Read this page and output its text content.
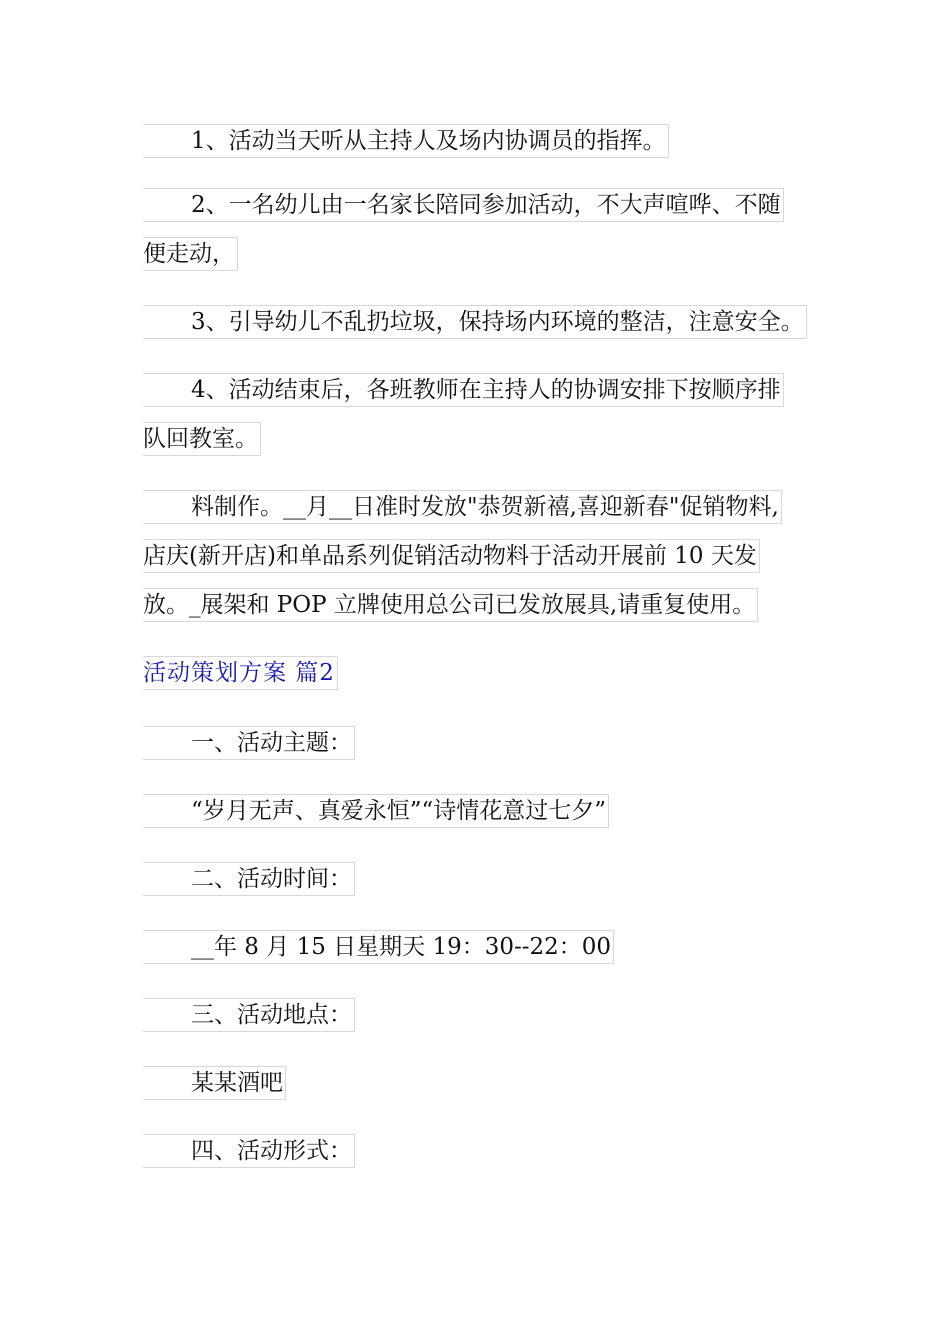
1、活动当天听从主持人及场内协调员的指挥。
2、一名幼儿由一名家长陪同参加活动，不大声喧哗、不随
便走动，
3、引导幼儿不乱扔垃圾，保持场内环境的整洁，注意安全。
4、活动结束后，各班教师在主持人的协调安排下按顺序排
队回教室。
料制作。__月__日准时发放"恭贺新禧,喜迎新春"促销物料,
店庆(新开店)和单品系列促销活动物料于活动开展前 10 天发
放。_展架和 POP 立牌使用总公司已发放展具,请重复使用。
活动策划方案 篇2
一、活动主题：
“岁月无声、真爱永恒”“诗情花意过七夕”
二、活动时间：
__年 8 月 15 日星期天 19：30--22：00
三、活动地点：
某某酒吧
四、活动形式：
